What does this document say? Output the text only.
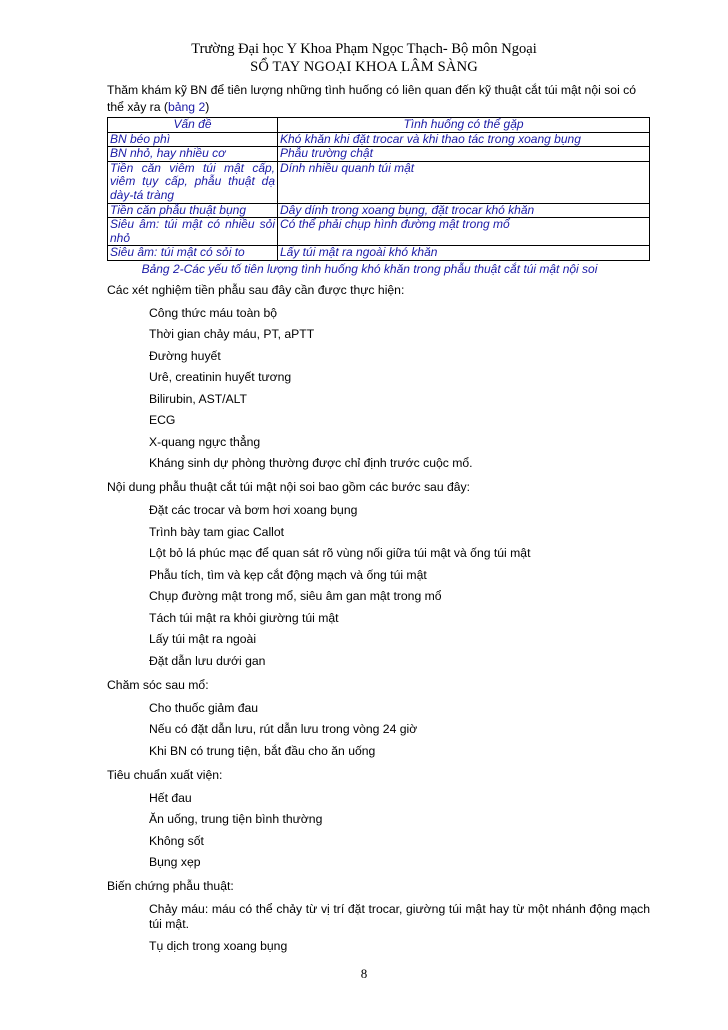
Trường Đại học Y Khoa Phạm Ngọc Thạch- Bộ môn Ngoại
SỔ TAY NGOẠI KHOA LÂM SÀNG

Thăm khám kỹ BN để tiên lượng những tình huống có liên quan đến kỹ thuật cắt túi mật nội soi có thể xảy ra (bảng 2)

Vấn đề	Tình huống có thể gặp
BN béo phì	Khó khăn khi đặt trocar và khi thao tác trong xoang bụng
BN nhỏ, hay nhiều cơ	Phẫu trường chật
Tiền căn viêm túi mật cấp, viêm tụy cấp, phẫu thuật dạ dày-tá tràng	Dính nhiều quanh túi mật
Tiền căn phẫu thuật bụng	Dây dính trong xoang bụng, đặt trocar khó khăn
Siêu âm: túi mật có nhiều sỏi nhỏ	Có thể phải chụp hình đường mật trong mổ
Siêu âm: túi mật có sỏi to	Lấy túi mật ra ngoài khó khăn
Bảng 2-Các yếu tố tiên lượng tình huống khó khăn trong phẫu thuật cắt túi mật nội soi

Các xét nghiệm tiền phẫu sau đây cần được thực hiện:

Công thức máu toàn bộ
Thời gian chảy máu, PT, aPTT
Đường huyết
Urê, creatinin huyết tương
Bilirubin, AST/ALT
ECG
X-quang ngực thẳng
Kháng sinh dự phòng thường được chỉ định trước cuộc mổ.

Nội dung phẫu thuật cắt túi mật nội soi bao gồm các bước sau đây:

Đặt các trocar và bơm hơi xoang bụng
Trình bày tam giac Callot
Lột bỏ lá phúc mạc để quan sát rõ vùng nối giữa túi mật và ống túi mật
Phẫu tích, tìm và kẹp cắt động mạch và ống túi mật
Chụp đường mật trong mổ, siêu âm gan mật trong mổ
Tách túi mật ra khỏi giường túi mật
Lấy túi mật ra ngoài
Đặt dẫn lưu dưới gan

Chăm sóc sau mổ:

Cho thuốc giảm đau
Nếu có đặt dẫn lưu, rút dẫn lưu trong vòng 24 giờ
Khi BN có trung tiện, bắt đầu cho ăn uống

Tiêu chuẩn xuất viện:

Hết đau
Ăn uống, trung tiện bình thường
Không sốt
Bụng xẹp

Biến chứng phẫu thuật:

Chảy máu: máu có thể chảy từ vị trí đặt trocar, giường túi mật hay từ một nhánh động mạch túi mật.
Tụ dịch trong xoang bụng
8
